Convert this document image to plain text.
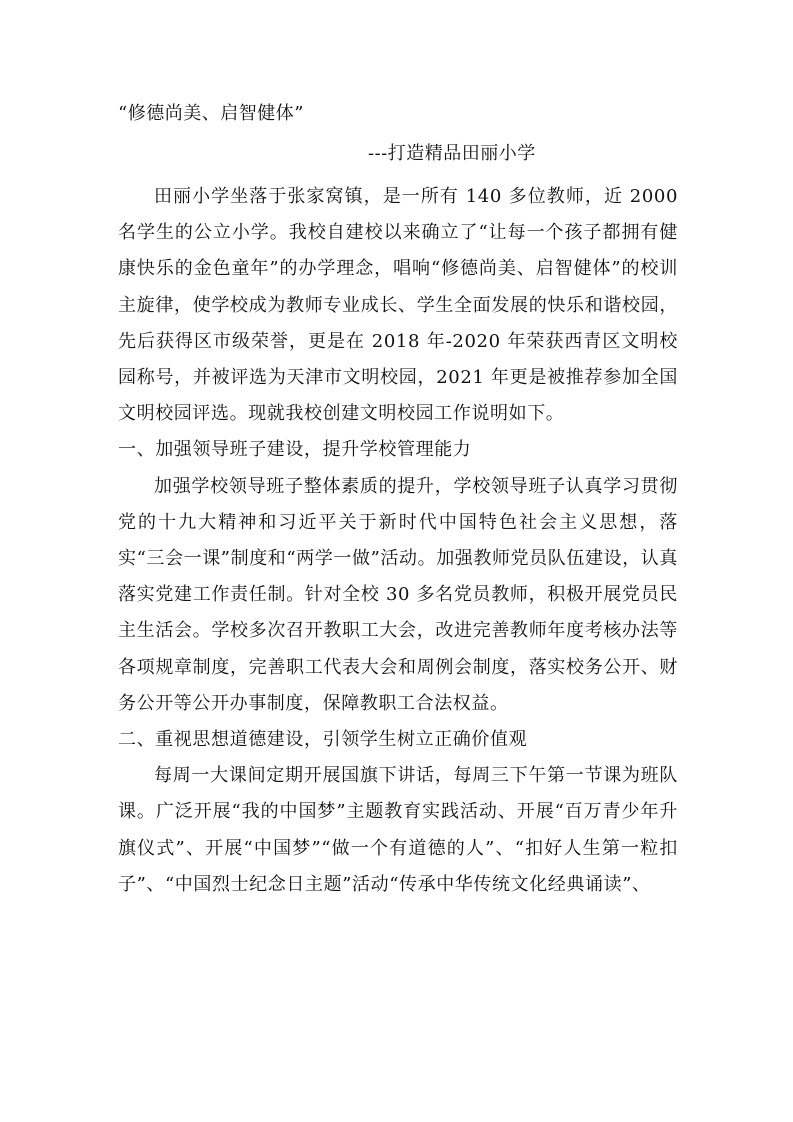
“修德尚美、启智健体”

---打造精品田丽小学

田丽小学坐落于张家窝镇，是一所有 140 多位教师，近 2000 名学生的公立小学。我校自建校以来确立了“让每一个孩子都拥有健康快乐的金色童年”的办学理念，唱响“修德尚美、启智健体”的校训主旋律，使学校成为教师专业成长、学生全面发展的快乐和谐校园，先后获得区市级荣誉，更是在 2018 年-2020 年荣获西青区文明校园称号，并被评选为天津市文明校园，2021 年更是被推荐参加全国文明校园评选。现就我校创建文明校园工作说明如下。

一、加强领导班子建设，提升学校管理能力

加强学校领导班子整体素质的提升，学校领导班子认真学习贯彻党的十九大精神和习近平关于新时代中国特色社会主义思想，落实“三会一课”制度和“两学一做”活动。加强教师党员队伍建设，认真落实党建工作责任制。针对全校 30 多名党员教师，积极开展党员民主生活会。学校多次召开教职工大会，改进完善教师年度考核办法等各项规章制度，完善职工代表大会和周例会制度，落实校务公开、财务公开等公开办事制度，保障教职工合法权益。

二、重视思想道德建设，引领学生树立正确价值观

每周一大课间定期开展国旗下讲话，每周三下午第一节课为班队课。广泛开展“我的中国梦”主题教育实践活动、开展“百万青少年升旗仪式”、开展“中国梦”“做一个有道德的人”、“扣好人生第一粒扣子”、“中国烈士纪念日主题”活动“传承中华传统文化经典诵读”、
